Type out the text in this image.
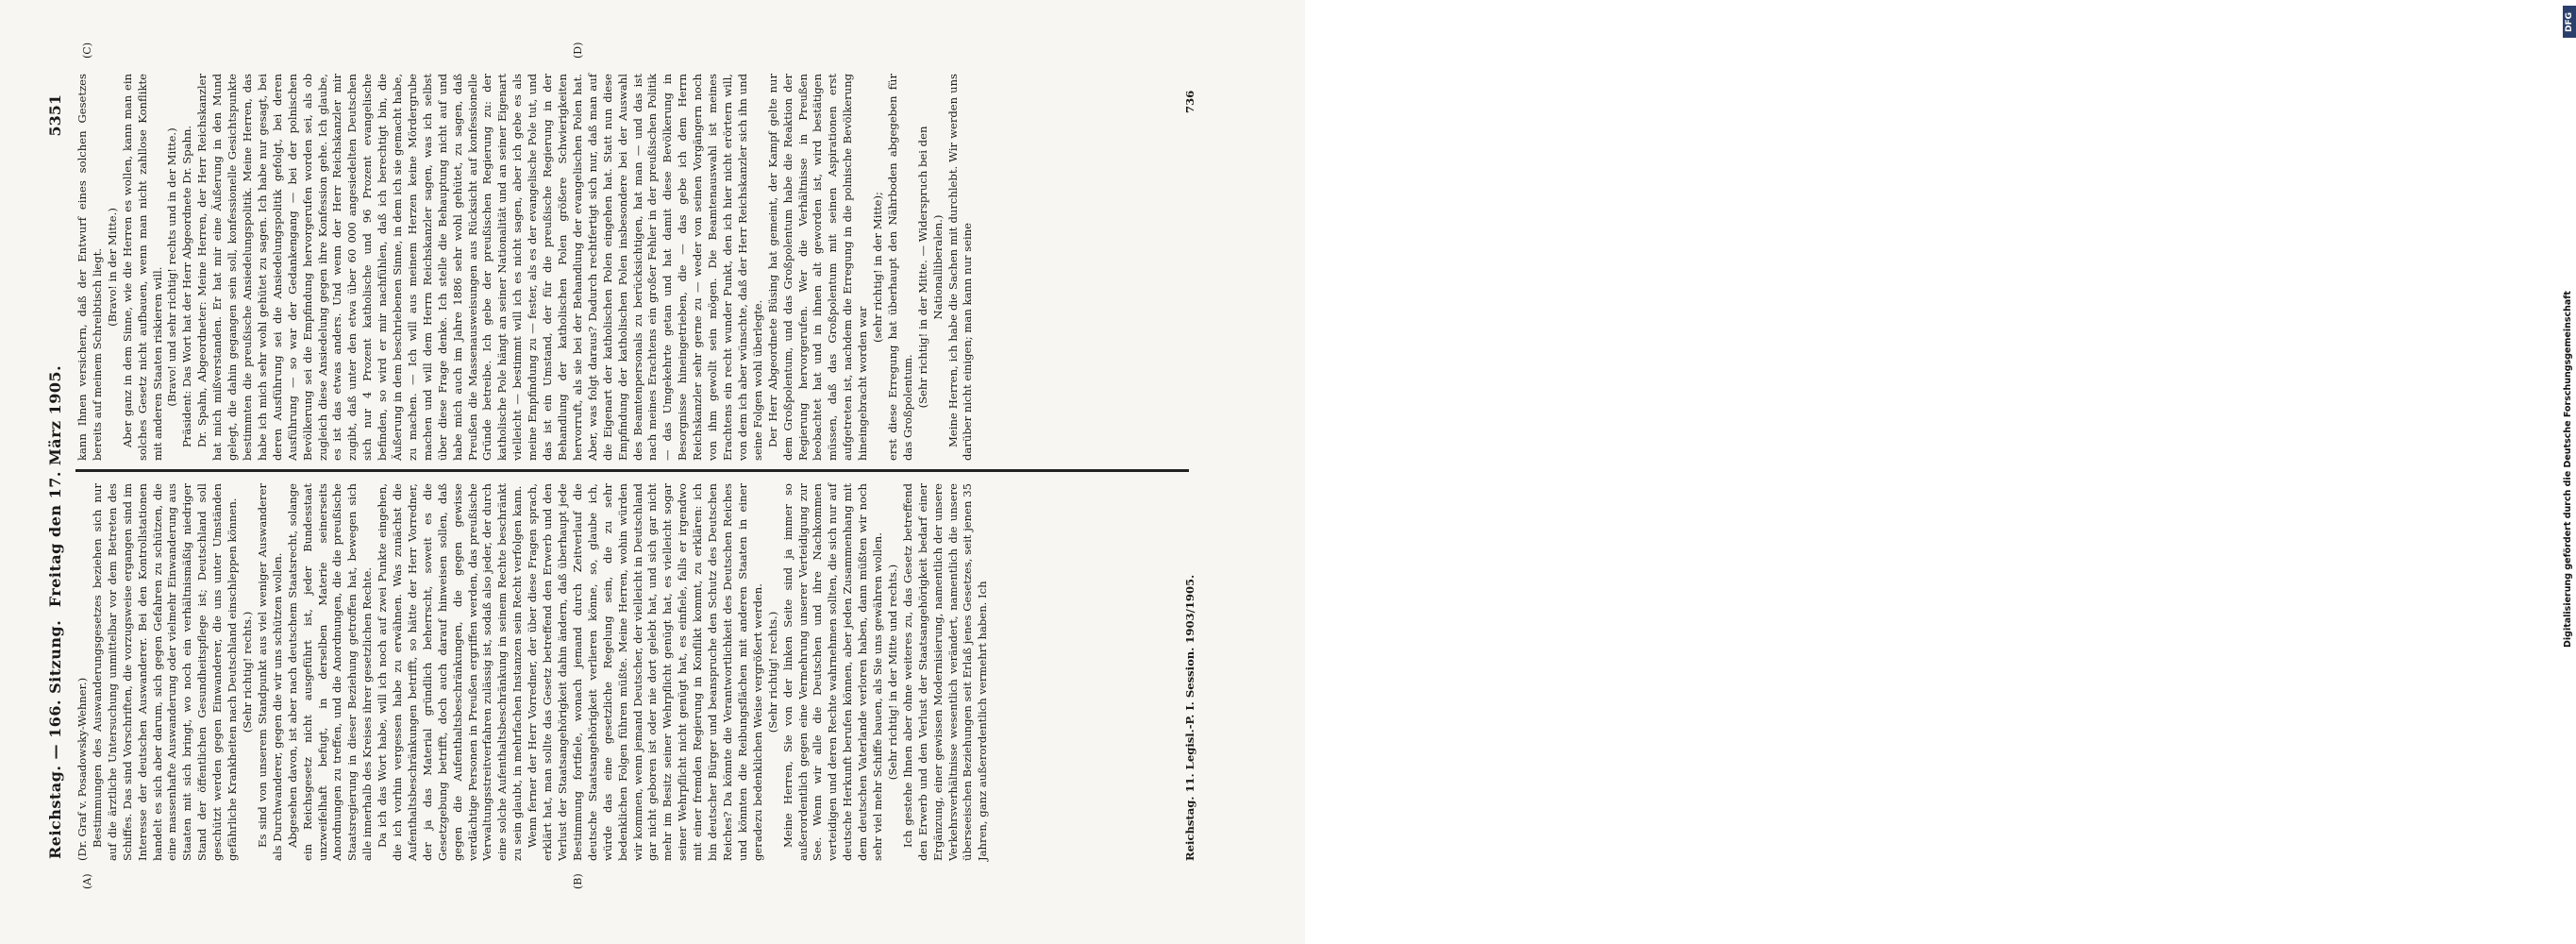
Reichstag. — 166. Sitzung.
Freitag den 17. März 1905.
5351
(A)	(B)
(C)	(D)

(Dr. Graf v. Posadowsky-Wehner.) Bestimmungen des Auswanderungsgesetzes beziehen sich nur auf die ärztliche Untersuchung unmittelbar vor dem Betreten des Schiffes. Das sind Vorschriften, die vorzugsweise ergangen sind im Interesse der deutschen Auswanderer. Bei den Kontrollstationen handelt es sich aber darum, sich gegen Gefahren zu schützen, die eine massenhafte Auswanderung oder vielmehr Einwanderung aus Staaten mit sich bringt, wo noch ein verhältnismäßig niedriger Stand der öffentlichen Gesundheitspflege ist; Deutschland soll geschützt werden gegen Einwanderer, die uns unter Umständen gefährliche Krankheiten nach Deutschland einschleppen können. (Sehr richtig! rechts.) Es sind von unserem Standpunkt aus viel weniger Auswanderer als Durchwanderer, gegen die wir uns schützen wollen. Abgesehen davon, ist aber nach deutschem Staatsrecht, solange ein Reichsgesetz nicht ausgeführt ist, jeder Bundesstaat unzweifelhaft befugt, in derselben Materie seinerseits Anordnungen zu treffen, und die Anordnungen, die die preußische Staatsregierung in dieser Beziehung getroffen hat, bewegen sich alle innerhalb des Kreises ihrer gesetzlichen Rechte. Da ich das Wort habe, will ich noch auf zwei Punkte eingehen, die ich vorhin vergessen habe zu erwähnen. Was zunächst die Aufenthaltsbeschränkungen betrifft, so hätte der Herr Vorredner, der ja das Material gründlich beherrscht, soweit es die Gesetzgebung betrifft, doch auch darauf hinweisen sollen, daß gegen die Aufenthaltsbeschränkungen, die gegen gewisse verdächtige Personen in Preußen ergriffen werden, das preußische Verwaltungsstreitverfahren zulässig ist, sodaß also jeder, der durch eine solche Aufenthaltsbeschränkung in seinem Rechte beschränkt zu sein glaubt, in mehrfachen Instanzen sein Recht verfolgen kann. Wenn ferner der Herr Vorredner, der über diese Fragen sprach, erklärt hat, man sollte das Gesetz betreffend den Erwerb und den Verlust der Staatsangehörigkeit dahin ändern, daß überhaupt jede Bestimmung fortfiele, wonach jemand durch Zeitverlauf die deutsche Staatsangehörigkeit verlieren könne, so, glaube ich, würde das eine gesetzliche Regelung sein, die zu sehr bedenklichen Folgen führen müßte. Meine Herren, wohin würden wir kommen, wenn jemand Deutscher, der vielleicht in Deutschland gar nicht geboren ist oder nie dort gelebt hat, und sich gar nicht mehr im Besitz seiner Wehrpflicht genügt hat, es vielleicht sogar seiner Wehrpflicht nicht genügt hat, es einfiele, falls er irgendwo mit einer fremden Regierung in Konflikt kommt, zu erklären: ich bin deutscher Bürger und beanspruche den Schutz des Deutschen Reiches? Da könnte die Verantwortlichkeit des Deutschen Reiches und könnten die Reibungsflächen mit anderen Staaten in einer geradezu bedenklichen Weise vergrößert werden. (Sehr richtig! rechts.) Meine Herren, Sie von der linken Seite sind ja immer so außerordentlich gegen eine Vermehrung unserer Verteidigung zur See. Wenn wir alle die Deutschen und ihre Nachkommen verteidigen und deren Rechte wahrnehmen sollten, die sich nur auf deutsche Herkunft berufen können, aber jeden Zusammenhang mit dem deutschen Vaterlande verloren haben, dann müßten wir noch sehr viel mehr Schiffe bauen, als Sie uns gewähren wollen. (Sehr richtig! in der Mitte und rechts.) Ich gestehe Ihnen aber ohne weiteres zu, das Gesetz betreffend den Erwerb und den Verlust der Staatsangehörigkeit bedarf einer Ergänzung, einer gewissen Modernisierung, namentlich der unsere Verkehrsverhältnisse wesentlich verändert, namentlich die unsere überseeischen Beziehungen seit Erlaß jenes Gesetzes, seit jenen 35 Jahren, ganz außerordentlich vermehrt haben. Ich

kann Ihnen versichern, daß der Entwurf eines solchen Gesetzes bereits auf meinem Schreibtisch liegt. (Bravo! in der Mitte.) Aber ganz in dem Sinne, wie die Herren es wollen, kann man ein solches Gesetz nicht aufbauen, wenn man nicht zahllose Konflikte mit anderen Staaten riskieren will. (Bravo! und sehr richtig! rechts und in der Mitte.) Präsident: Das Wort hat der Herr Abgeordnete Dr. Spahn. Dr. Spahn, Abgeordneter: Meine Herren, der Herr Reichskanzler hat mich mißverstanden. Er hat mir eine Äußerung in den Mund gelegt, die dahin gegangen sein soll, konfessionelle Gesichtspunkte bestimmten die preußische Ansiedelungspolitik. Meine Herren, das habe ich mich sehr wohl gehütet zu sagen. Ich habe nur gesagt, bei deren Ausführung sei die Ansiedelungspolitik gefolgt, bei deren Ausführung — so war der Gedankengang — bei der polnischen Bevölkerung sei die Empfindung hervorgerufen worden sei, als ob zugleich diese Ansiedelung gegen ihre Konfession gehe. Ich glaube, es ist das etwas anders. Und wenn der Herr Reichskanzler mir zugibt, daß unter den etwa über 60 000 angesiedelten Deutschen sich nur 4 Prozent katholische und 96 Prozent evangelische befinden, so wird er mir nachfühlen, daß ich berechtigt bin, die Äußerung in dem beschriebenen Sinne, in dem ich sie gemacht habe, zu machen. — Ich will aus meinem Herzen keine Mördergrube machen und will dem Herrn Reichskanzler sagen, was ich selbst über diese Frage denke. Ich stelle die Behauptung nicht auf und habe mich auch im Jahre 1886 sehr wohl gehütet, zu sagen, daß Preußen die Massenausweisungen aus Rücksicht auf konfessionelle Gründe betreibe. Ich gebe der preußischen Regierung zu: der katholische Pole hängt an seiner Nationalität und an seiner Eigenart vielleicht — bestimmt will ich es nicht sagen, aber ich gebe es als meine Empfindung zu — fester, als es der evangelische Pole tut, und das ist ein Umstand, der für die preußische Regierung in der Behandlung der katholischen Polen größere Schwierigkeiten hervorruft, als sie bei der Behandlung der evangelischen Polen hat. Aber, was folgt daraus? Dadurch rechtfertigt sich nur, daß man auf die Eigenart der katholischen Polen eingehen hat. Statt nun diese Empfindung der katholischen Polen insbesondere bei der Auswahl des Beamtenpersonals zu berücksichtigen, hat man — und das ist nach meines Erachtens ein großer Fehler in der preußischen Politik — das Umgekehrte getan und hat damit diese Bevölkerung in Besorgnisse hineingetrieben, die — das gebe ich dem Herrn Reichskanzler sehr gerne zu — weder von seinen Vorgängern noch von ihm gewollt sein mögen. Die Beamtenauswahl ist meines Erachtens ein recht wunder Punkt, den ich hier nicht erörtern will, von dem ich aber wünschte, daß der Herr Reichskanzler sich ihn und seine Folgen wohl überlegte. Der Herr Abgeordnete Büsing hat gemeint, der Kampf gelte nur dem Großpolentum, und das Großpolentum habe die Reaktion der Regierung hervorgerufen. Wer die Verhältnisse in Preußen beobachtet hat und in ihnen alt geworden ist, wird bestätigen müssen, daß das Großpolentum mit seinen Aspirationen erst aufgetreten ist, nachdem die Erregung in die polnische Bevölkerung hineingebracht worden war

(sehr richtig! in der Mitte); erst diese Erregung hat überhaupt den Nährboden abgegeben für das Großpolentum. (Sehr richtig! in der Mitte. — Widerspruch bei den Nationalliberalen.) Meine Herren, ich habe die Sachen mit durchlebt. Wir werden uns darüber nicht einigen; man kann nur seine

Reichstag. 11. Legisl.-P. I. Session. 1903/1905.
736
DFG
Digitalisierung gefördert durch die Deutsche Forschungsgemeinschaft
